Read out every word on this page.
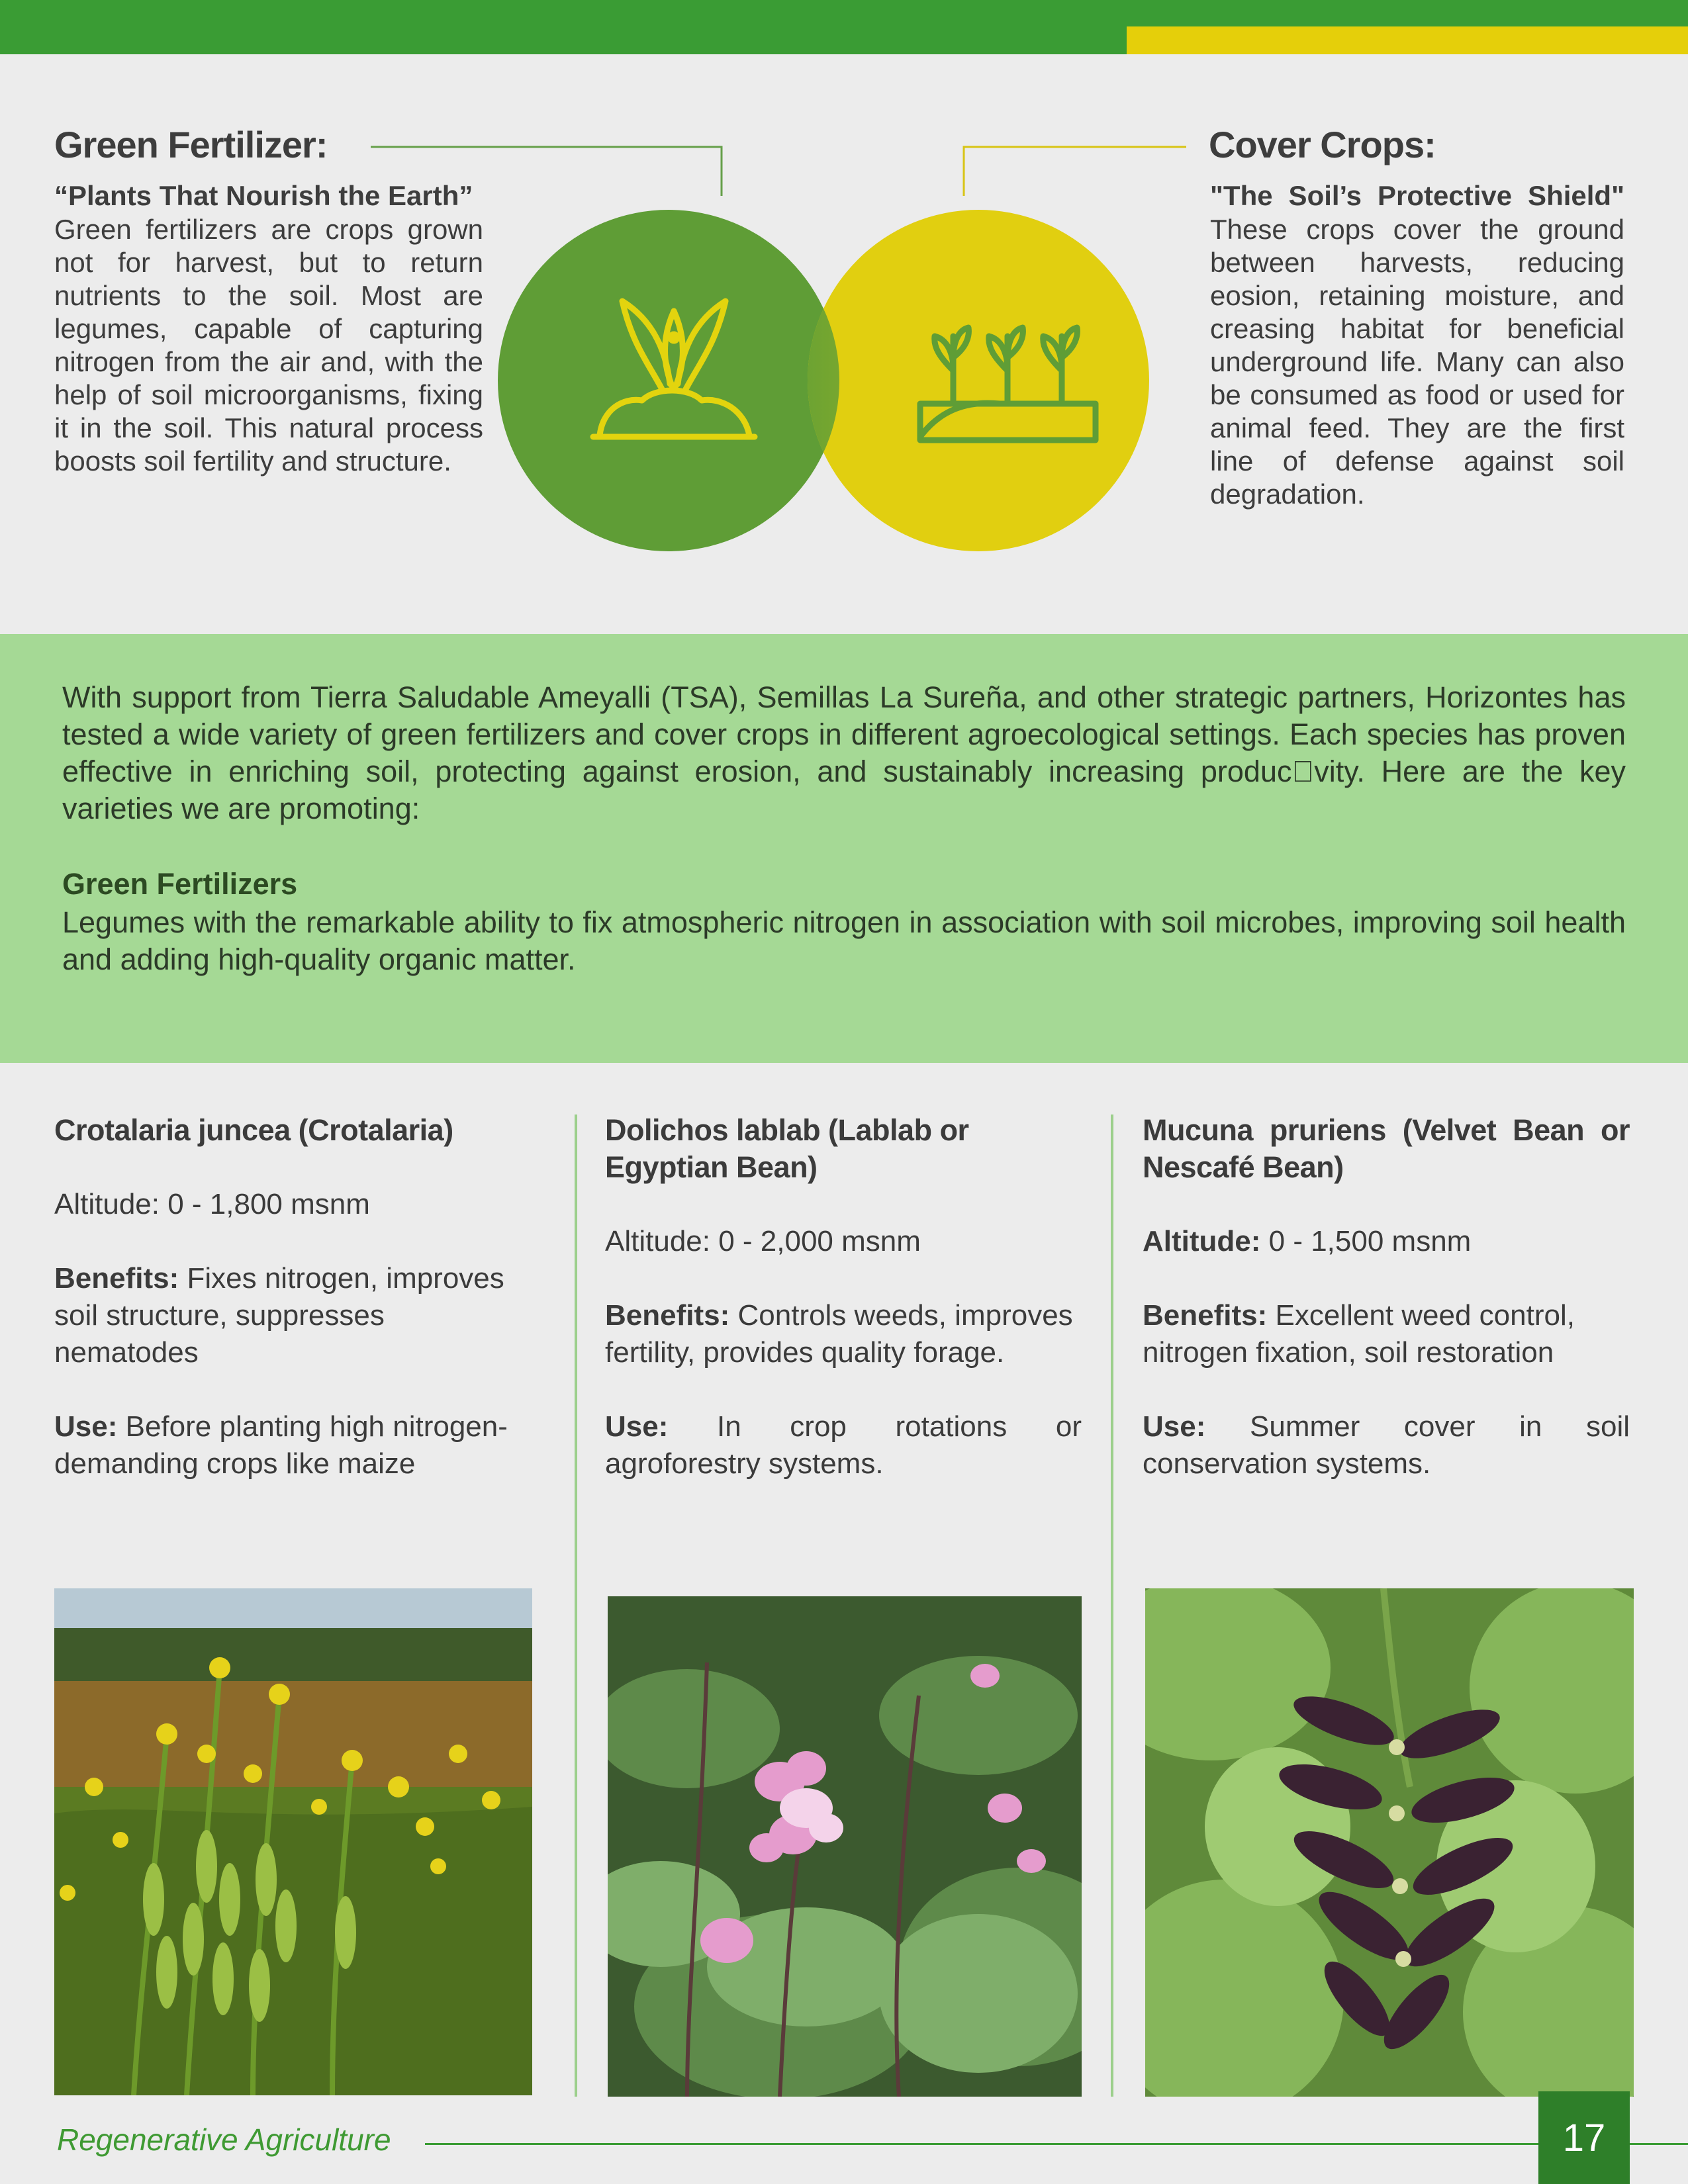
Green Fertilizer:
“Plants That Nourish the Earth”
Green fertilizers are crops grown not for harvest, but to return nutrients to the soil. Most are legumes, capable of capturing nitrogen from the air and, with the help of soil microorganisms, fixing it in the soil. This natural process boosts soil fertility and structure.
Cover Crops:
"The Soil’s Protective Shield"
These crops cover the ground between harvests, reducing eosion, retaining moisture, and creasing habitat for beneficial underground life. Many can also be consumed as food or used for animal feed. They are the first line of defense against soil degradation.
With support from Tierra Saludable Ameyalli (TSA), Semillas La Sureña, and other strategic partners, Horizontes has tested a wide variety of green fertilizers and cover crops in different agroecological settings. Each species has proven effective in enriching soil, protecting against erosion, and sustainably increasing produc vity. Here are the key varieties we are promoting:
Green Fertilizers
Legumes with the remarkable ability to fix atmospheric nitrogen in association with soil microbes, improving soil health and adding high-quality organic matter.
Crotalaria juncea (Crotalaria)
Altitude: 0 - 1,800 msnm
Benefits: Fixes nitrogen, improves soil structure, suppresses nematodes
Use: Before planting high nitrogen-demanding crops like maize
Dolichos lablab (Lablab or Egyptian Bean)
Altitude: 0 - 2,000 msnm
Benefits: Controls weeds, improves fertility, provides quality forage.
Use: In crop rotations or agroforestry systems.
Mucuna pruriens (Velvet Bean or Nescafé Bean)
Altitude: 0 - 1,500 msnm
Benefits: Excellent weed control, nitrogen fixation, soil restoration
Use: Summer cover in soil conservation systems.
Regenerative Agriculture	17
